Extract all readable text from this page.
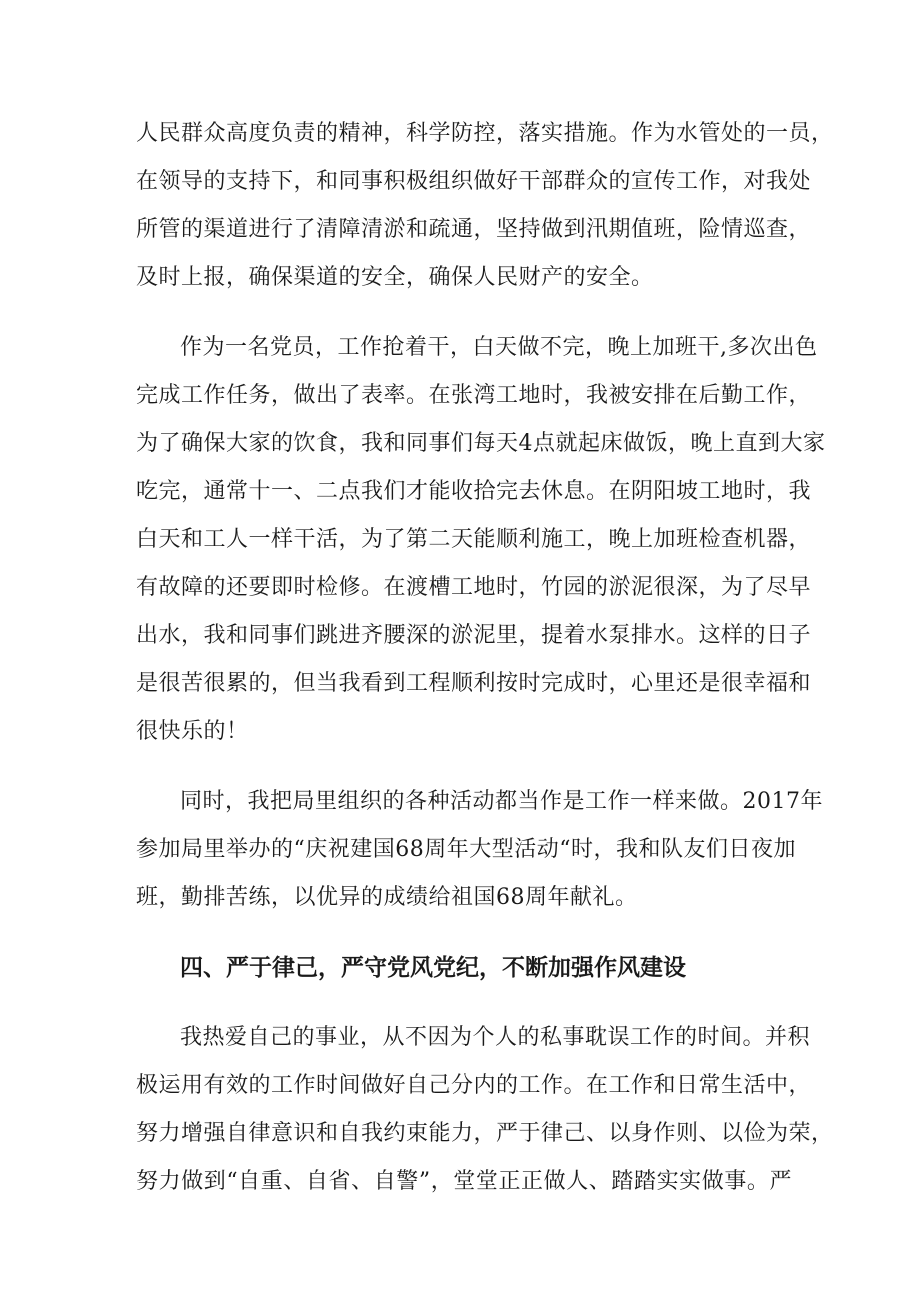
人民群众高度负责的精神，科学防控，落实措施。作为水管处的一员，
在领导的支持下，和同事积极组织做好干部群众的宣传工作，对我处
所管的渠道进行了清障清淤和疏通，坚持做到汛期值班，险情巡查，
及时上报，确保渠道的安全，确保人民财产的安全。

作为一名党员，工作抢着干，白天做不完，晚上加班干,多次出色
完成工作任务，做出了表率。在张湾工地时，我被安排在后勤工作，
为了确保大家的饮食，我和同事们每天4点就起床做饭，晚上直到大家
吃完，通常十一、二点我们才能收拾完去休息。在阴阳坡工地时，我
白天和工人一样干活，为了第二天能顺利施工，晚上加班检查机器，
有故障的还要即时检修。在渡槽工地时，竹园的淤泥很深，为了尽早
出水，我和同事们跳进齐腰深的淤泥里，提着水泵排水。这样的日子
是很苦很累的，但当我看到工程顺利按时完成时，心里还是很幸福和
很快乐的！

同时，我把局里组织的各种活动都当作是工作一样来做。2017年
参加局里举办的“庆祝建国68周年大型活动“时，我和队友们日夜加
班，勤排苦练，以优异的成绩给祖国68周年献礼。

四、严于律己，严守党风党纪，不断加强作风建设

我热爱自己的事业，从不因为个人的私事耽误工作的时间。并积
极运用有效的工作时间做好自己分内的工作。在工作和日常生活中，
努力增强自律意识和自我约束能力，严于律己、以身作则、以俭为荣，
努力做到“自重、自省、自警”，堂堂正正做人、踏踏实实做事。严
